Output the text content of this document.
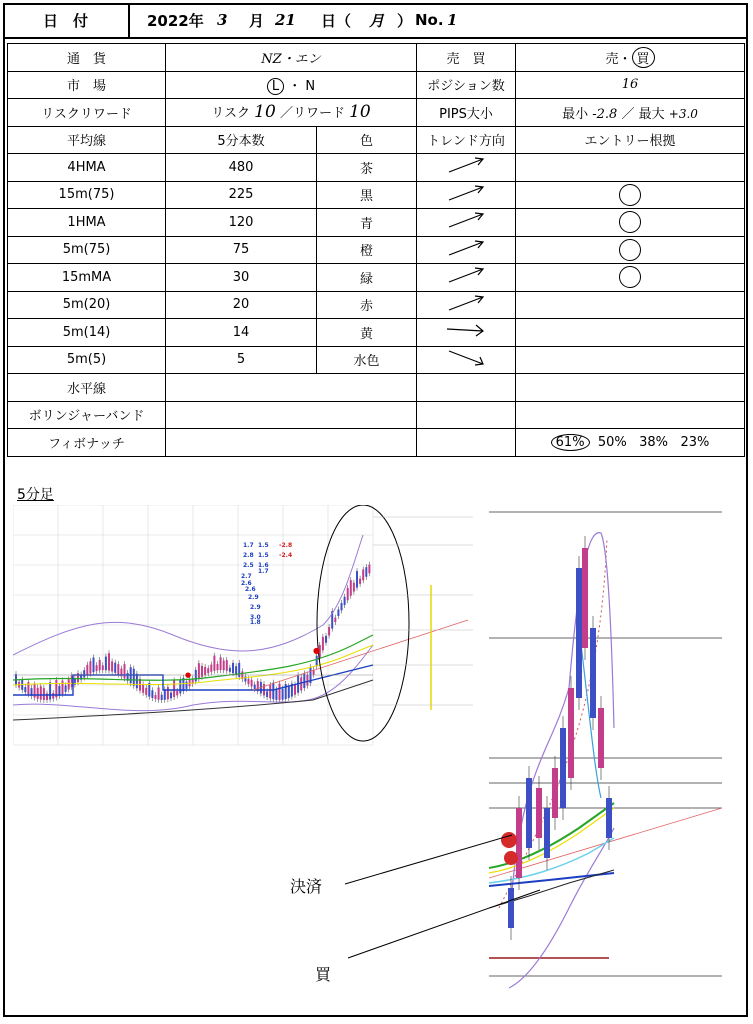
日　付	2022年 3 月 21 日（ 月 ） No. 1
通　貨	NZ・エン		売　買	売・ 買
市　場	L ・ N		ポジション数	16
リスクリワード	リスク 10 ／リワード 10		PIPS大小	最小 -2.8 ／ 最大 +3.0
平均線	5分本数	色	トレンド方向	エントリー根拠
4HMA	480	茶		
15m(75)	225	黒		
1HMA	120	青		
5m(75)	75	橙		
15mMA	30	緑		
5m(20)	20	赤		
5m(14)	14	黄		
5m(5)	5	水色		
水平線				
ボリンジャーバンド				
フィボナッチ				61% 50% 38% 23%
5分足
1.7 1.5 -2.8
2.8 1.5 -2.4
2.5 1.6
2.7
1.7
2.6
2.6
2.9
2.9
3.0
1.8
●
●
決済
買
